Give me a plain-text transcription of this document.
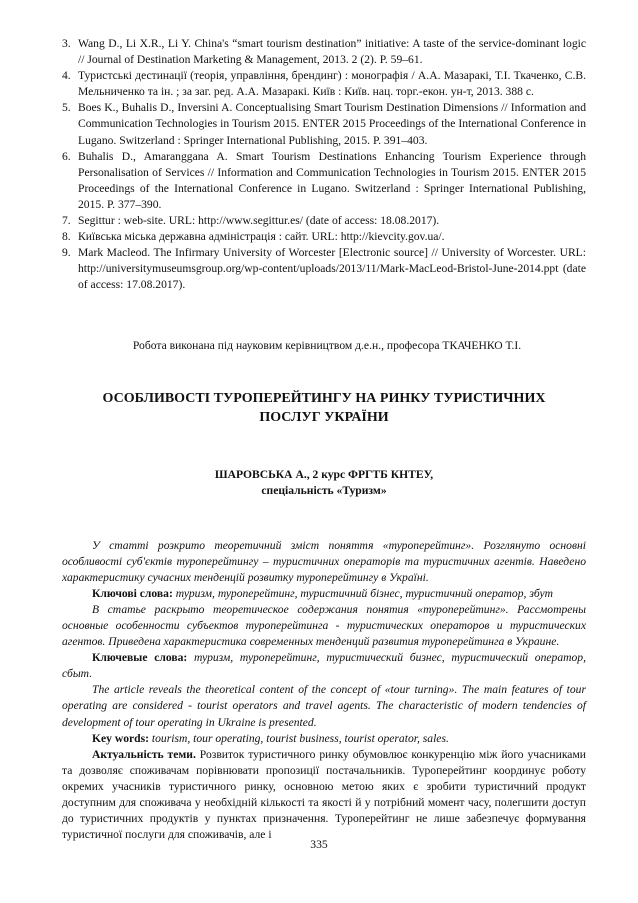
3. Wang D., Li X.R., Li Y. China's “smart tourism destination” initiative: A taste of the service-dominant logic // Journal of Destination Marketing & Management, 2013. 2 (2). P. 59–61.
4. Туристські дестинації (теорія, управління, брендинг) : монографія / А.А. Мазаракі, Т.І. Ткаченко, С.В. Мельниченко та ін. ; за заг. ред. А.А. Мазаракі. Київ : Київ. нац. торг.-екон. ун-т, 2013. 388 с.
5. Boes K., Buhalis D., Inversini A. Conceptualising Smart Tourism Destination Dimensions // Information and Communication Technologies in Tourism 2015. ENTER 2015 Proceedings of the International Conference in Lugano. Switzerland : Springer International Publishing, 2015. P. 391–403.
6. Buhalis D., Amaranggana A. Smart Tourism Destinations Enhancing Tourism Experience through Personalisation of Services // Information and Communication Technologies in Tourism 2015. ENTER 2015 Proceedings of the International Conference in Lugano. Switzerland : Springer International Publishing, 2015. P. 377–390.
7. Segittur : web-site. URL: http://www.segittur.es/ (date of access: 18.08.2017).
8. Київська міська державна адміністрація : сайт. URL: http://kievcity.gov.ua/.
9. Mark Macleod. The Infirmary University of Worcester [Electronic source] // University of Worcester. URL: http://universitymuseumsgroup.org/wp-content/uploads/2013/11/Mark-MacLeod-Bristol-June-2014.ppt (date of access: 17.08.2017).

Робота виконана під науковим керівництвом д.е.н., професора ТКАЧЕНКО Т.І.

ОСОБЛИВОСТІ ТУРОПЕРЕЙТИНГУ НА РИНКУ ТУРИСТИЧНИХ ПОСЛУГ УКРАЇНИ
ШАРОВСЬКА А., 2 курс ФРГТБ КНТЕУ,
спеціальність «Туризм»

У статті розкрито теоретичний зміст поняття «туроперейтинг». Розглянуто основні особливості суб'єктів туроперейтингу – туристичних операторів та туристичних агентів. Наведено характеристику сучасних тенденцій розвитку туроперейтингу в Україні.

Ключові слова: туризм, туроперейтинг, туристичний бізнес, туристичний оператор, збут

В статье раскрыто теоретическое содержания понятия «туроперейтинг». Рассмотрены основные особенности субъектов туроперейтинга - туристических операторов и туристических агентов. Приведена характеристика современных тенденций развития туроперейтинга в Украине.

Ключевые слова: туризм, туроперейтинг, туристический бизнес, туристический оператор, сбыт.

The article reveals the theoretical content of the concept of «tour turning». The main features of tour operating are considered - tourist operators and travel agents. The characteristic of modern tendencies of development of tour operating in Ukraine is presented.

Key words: tourism, tour operating, tourist business, tourist operator, sales.

Актуальність теми. Розвиток туристичного ринку обумовлює конкуренцію між його учасниками та дозволяє споживачам порівнювати пропозиції постачальників. Туроперейтинг координує роботу окремих учасників туристичного ринку, основною метою яких є зробити туристичний продукт доступним для споживача у необхідній кількості та якості й у потрібний момент часу, полегшити доступ до туристичних продуктів у пунктах призначення. Туроперейтинг не лише забезпечує формування туристичної послуги для споживачів, але і

335
